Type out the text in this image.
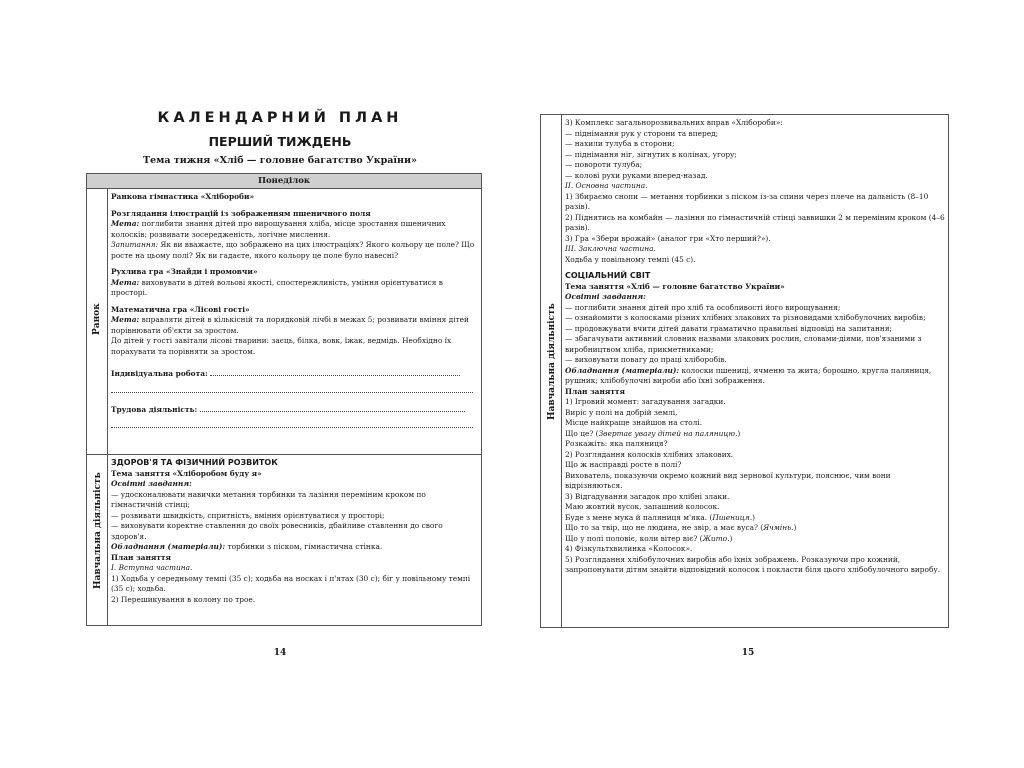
КАЛЕНДАРНИЙ ПЛАН
ПЕРШИЙ ТИЖДЕНЬ
Тема тижня «Хліб — головне багатство України»
Понеділок
Ранок
Навчальна діяльність

Ранкова гімнастика «Хлібороби»

Розглядання ілюстрацій із зображенням пшеничного поля

Мета: поглибити знання дітей про вирощування хліба, місце зростання пшеничних колосків; розвивати зосередженість, логічне мислення.

Запитання: Як ви вважаєте, що зображено на цих ілюстраціях? Якого кольору це поле? Що росте на цьому полі? Як ви гадаєте, якого кольору це поле було навесні?

Рухлива гра «Знайди і промовчи»

Мета: виховувати в дітей вольові якості, спостережливість, уміння орієнтуватися в просторі.

Математична гра «Лісові гості»

Мета: вправляти дітей в кількісній та порядковій лічбі в межах 5; розвивати вміння дітей порівнювати об'єкти за зростом.

До дітей у гості завітали лісові тварини: заєць, білка, вовк, їжак, ведмідь. Необхідно їх порахувати та порівняти за зростом.

Індивідуальна робота:

Трудова діяльність:

ЗДОРОВ'Я ТА ФІЗИЧНИЙ РОЗВИТОК

Тема заняття «Хліборобом буду я»

Освітні завдання:

— удосконалювати навички метання торбинки та лазіння переміним кроком по гімнастичній стінці;

— розвивати швидкість, спритність, вміння орієнтуватися у просторі;

— виховувати коректне ставлення до своїх ровесників, дбайливе ставлення до свого здоров'я.

Обладнання (матеріали): торбинки з піском, гімнастична стінка.

План заняття

I. Вступна частина.

1) Ходьба у середньому темпі (35 с); ходьба на носках і п'ятах (30 с); біг у повільному темпі (35 с); ходьба.

2) Перешикування в колону по трое.

14
Навчальна діяльність

3) Комплекс загальнорозвивальних вправ «Хлібороби»:

— піднімання рук у сторони та вперед;

— нахили тулуба в сторони;

— піднімання ніг, зігнутих в колінах, угору;

— повороти тулуба;

— колові рухи руками вперед-назад.

II. Основна частина.

1) Збираємо снопи — метання торбинки з піском із-за спини через плече на дальність (8–10 разів).

2) Піднятись на комбайн — лазіння по гімнастичній стінці заввишки 2 м переміним кроком (4–6 разів).

3) Гра «Збери врожай» (аналог гри «Хто перший?»).

III. Заключна частина.

Ходьба у повільному темпі (45 с).

СОЦІАЛЬНИЙ СВІТ

Тема заняття «Хліб — головне багатство України»

Освітні завдання:

— поглибити знання дітей про хліб та особливості його вирощування;

— ознайомити з колосками різних хлібних злакових та різновидами хлібобулочних виробів;

— продовжувати вчити дітей давати граматично правильні відповіді на запитання;

— збагачувати активний словник назвами злакових рослин, словами-діями, пов'язаними з виробництвом хліба, прикметниками;

— виховувати повагу до праці хліборобів.

Обладнання (матеріали): колоски пшениці, ячменю та жита; борошно, кругла паляниця, рушник; хлібобулочні вироби або їхні зображення.

План заняття

1) Ігровий момент: загадування загадки.

Виріс у полі на добрій землі,

Місце найкраще знайшов на столі.

Що це? (Звертає увагу дітей на паляницю.)

Розкажіть: яка паляниця?

2) Розглядання колосків хлібних злакових.

Що ж насправді росте в полі?

Вихователь, показуючи окремо кожний вид зернової культури, пояснює, чим вони відрізняються.

3) Відгадування загадок про хлібні злаки.

Маю жовтий вусок, запашний колосок.

Буде з мене мука й паляниця м'яка. (Пшениця.)

Що то за твір, що не людина, не звір, а має вуса? (Ячмінь.)

Що у полі половіє, коли вітер віє? (Жито.)

4) Фізкультхвилинка «Колосок».

5) Розглядання хлібобулочних виробів або їхніх зображень. Розказуючи про кожний, запропонувати дітям знайти відповідний колосок і покласти біля цього хлібобулочного виробу.

15
